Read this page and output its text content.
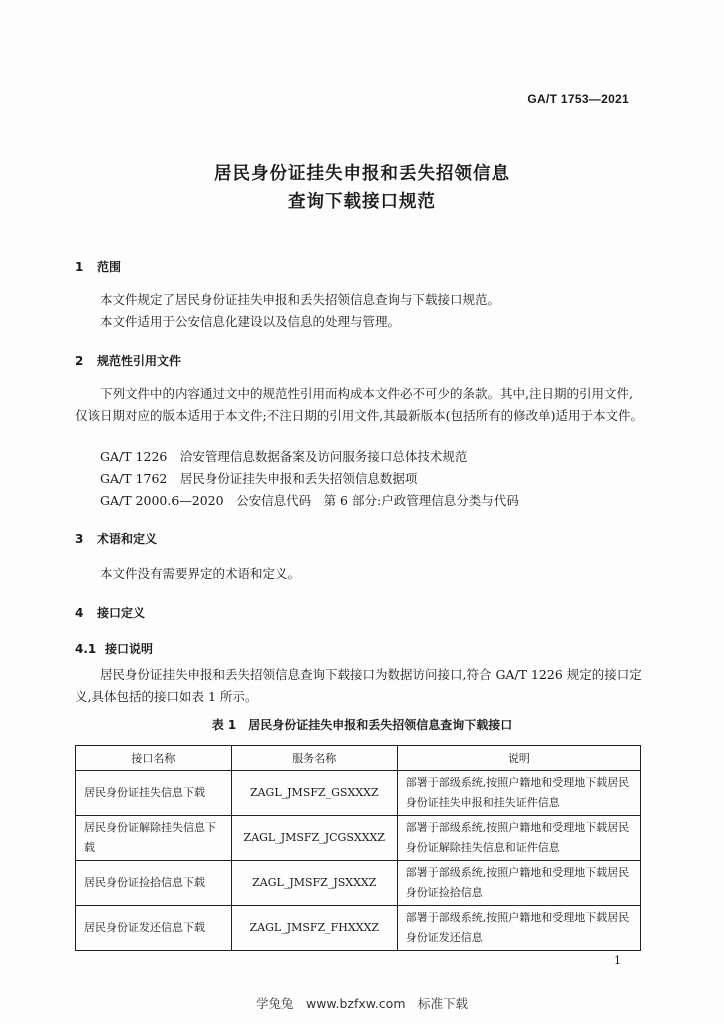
GA/T 1753—2021
居民身份证挂失申报和丢失招领信息
查询下载接口规范
1 范围
本文件规定了居民身份证挂失申报和丢失招领信息查询与下载接口规范。
本文件适用于公安信息化建设以及信息的处理与管理。
2 规范性引用文件
下列文件中的内容通过文中的规范性引用而构成本文件必不可少的条款。其中,注日期的引用文件,仅该日期对应的版本适用于本文件;不注日期的引用文件,其最新版本(包括所有的修改单)适用于本文件。
GA/T 1226　洽安管理信息数据备案及访问服务接口总体技术规范
GA/T 1762　居民身份证挂失申报和丢失招领信息数据项
GA/T 2000.6—2020　公安信息代码　第 6 部分:户政管理信息分类与代码
3 术语和定义
本文件没有需要界定的术语和定义。
4 接口定义
4.1 接口说明
居民身份证挂失申报和丢失招领信息查询下载接口为数据访问接口,符合 GA/T 1226 规定的接口定义,具体包括的接口如表 1 所示。
表 1　居民身份证挂失申报和丢失招领信息查询下载接口
接口名称	服务名称	说明
居民身份证挂失信息下载	ZAGL_JMSFZ_GSXXXZ	部署于部级系统,按照户籍地和受理地下载居民身份证挂失申报和挂失证件信息
居民身份证解除挂失信息下载	ZAGL_JMSFZ_JCGSXXXZ	部署于部级系统,按照户籍地和受理地下载居民身份证解除挂失信息和证件信息
居民身份证捡拾信息下载	ZAGL_JMSFZ_JSXXXZ	部署于部级系统,按照户籍地和受理地下载居民身份证捡拾信息
居民身份证发还信息下载	ZAGL_JMSFZ_FHXXXZ	部署于部级系统,按照户籍地和受理地下载居民身份证发还信息
1
学兔兔　www.bzfxw.com　标准下载
